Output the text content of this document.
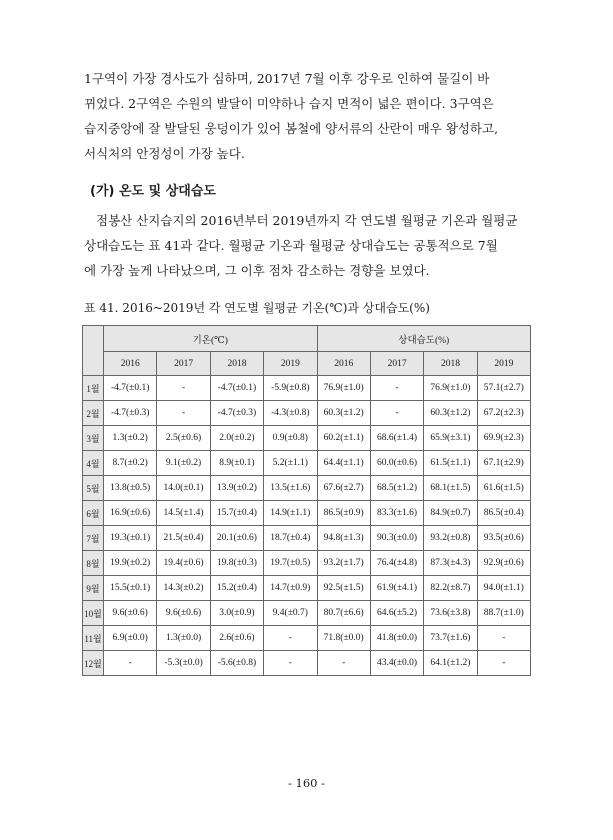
1구역이 가장 경사도가 심하며, 2017년 7월 이후 강우로 인하여 물길이 바

뀌었다. 2구역은 수원의 발달이 미약하나 습지 면적이 넓은 편이다. 3구역은

습지중앙에 잘 발달된 웅덩이가 있어 봄철에 양서류의 산란이 매우 왕성하고,

서식처의 안정성이 가장 높다.

(가) 온도 및 상대습도

점봉산 산지습지의 2016년부터 2019년까지 각 연도별 월평균 기온과 월평균

상대습도는 표 41과 같다. 월평균 기온과 월평균 상대습도는 공통적으로 7월

에 가장 높게 나타났으며, 그 이후 점차 감소하는 경향을 보였다.

표 41. 2016~2019년 각 연도별 월평균 기온(℃)과 상대습도(%)
	기온(℃)				상대습도(%)			
	2016	2017	2018	2019	2016	2017	2018	2019
1월	-4.7(±0.1)	-	-4.7(±0.1)	-5.9(±0.8)	76.9(±1.0)	-	76.9(±1.0)	57.1(±2.7)
2월	-4.7(±0.3)	-	-4.7(±0.3)	-4.3(±0.8)	60.3(±1.2)	-	60.3(±1.2)	67.2(±2.3)
3월	1.3(±0.2)	2.5(±0.6)	2.0(±0.2)	0.9(±0.8)	60.2(±1.1)	68.6(±1.4)	65.9(±3.1)	69.9(±2.3)
4월	8.7(±0.2)	9.1(±0.2)	8.9(±0.1)	5.2(±1.1)	64.4(±1.1)	60.0(±0.6)	61.5(±1.1)	67.1(±2.9)
5월	13.8(±0.5)	14.0(±0.1)	13.9(±0.2)	13.5(±1.6)	67.6(±2.7)	68.5(±1.2)	68.1(±1.5)	61.6(±1.5)
6월	16.9(±0.6)	14.5(±1.4)	15.7(±0.4)	14.9(±1.1)	86.5(±0.9)	83.3(±1.6)	84.9(±0.7)	86.5(±0.4)
7월	19.3(±0.1)	21.5(±0.4)	20.1(±0.6)	18.7(±0.4)	94.8(±1.3)	90.3(±0.0)	93.2(±0.8)	93.5(±0.6)
8월	19.9(±0.2)	19.4(±0.6)	19.8(±0.3)	19.7(±0.5)	93.2(±1.7)	76.4(±4.8)	87.3(±4.3)	92.9(±0.6)
9월	15.5(±0.1)	14.3(±0.2)	15.2(±0.4)	14.7(±0.9)	92.5(±1.5)	61.9(±4.1)	82.2(±8.7)	94.0(±1.1)
10월	9.6(±0.6)	9.6(±0.6)	3.0(±0.9)	9.4(±0.7)	80.7(±6.6)	64.6(±5.2)	73.6(±3.8)	88.7(±1.0)
11월	6.9(±0.0)	1.3(±0.0)	2.6(±0.6)	-	71.8(±0.0)	41.8(±0.0)	73.7(±1.6)	-
12월	-	-5.3(±0.0)	-5.6(±0.8)	-	-	43.4(±0.0)	64.1(±1.2)	-
- 160 -
